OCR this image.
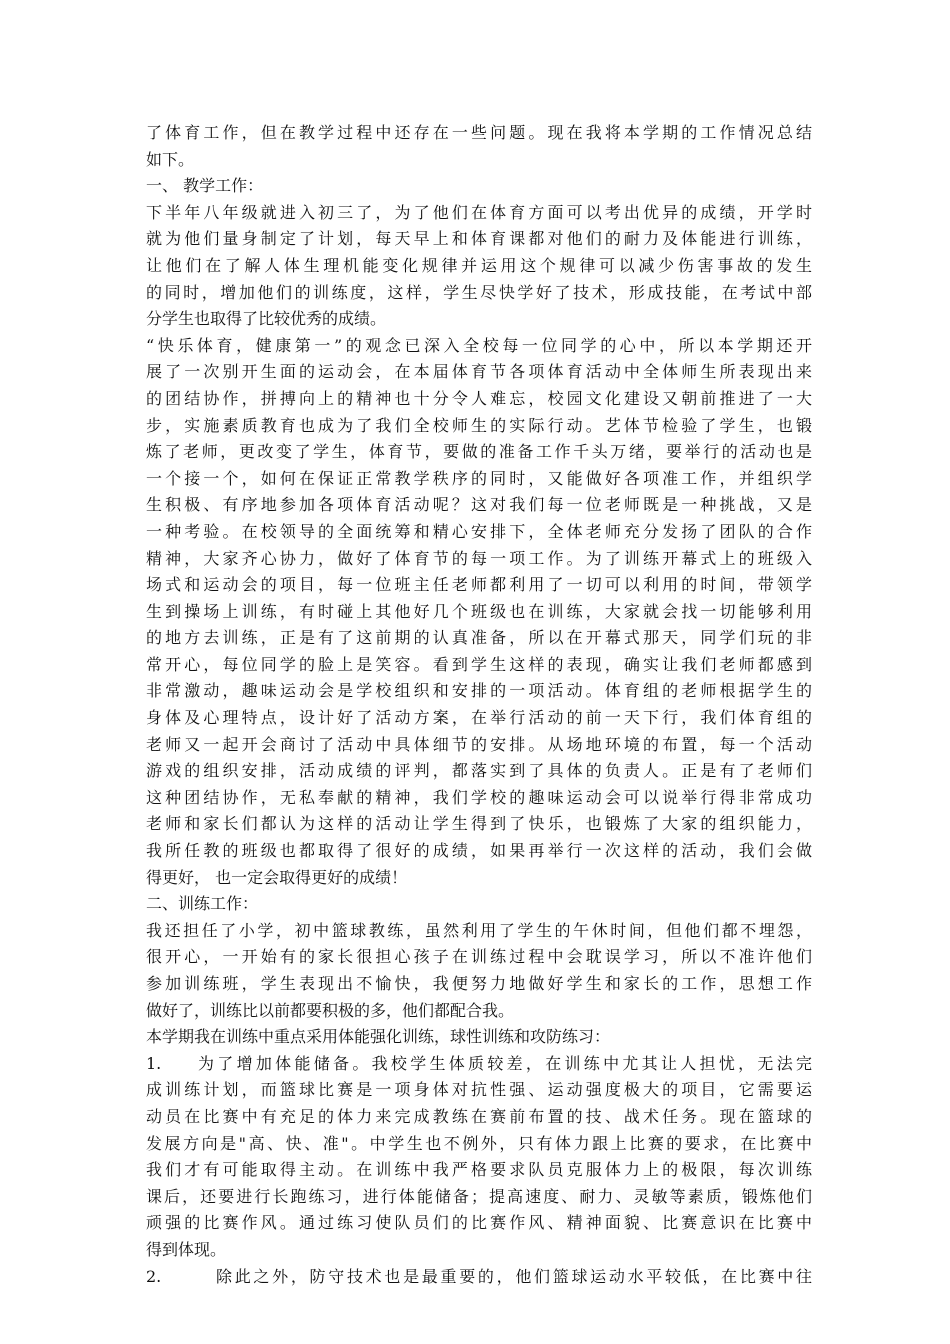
了体育工作，但在教学过程中还存在一些问题。现在我将本学期的工作情况总结
如下。
一、 教学工作：
下半年八年级就进入初三了，为了他们在体育方面可以考出优异的成绩，开学时
就为他们量身制定了计划，每天早上和体育课都对他们的耐力及体能进行训练，
让他们在了解人体生理机能变化规律并运用这个规律可以减少伤害事故的发生
的同时，增加他们的训练度，这样，学生尽快学好了技术，形成技能，在考试中部
分学生也取得了比较优秀的成绩。
“快乐体育，健康第一”的观念已深入全校每一位同学的心中，所以本学期还开
展了一次别开生面的运动会，在本届体育节各项体育活动中全体师生所表现出来
的团结协作，拼搏向上的精神也十分令人难忘，校园文化建设又朝前推进了一大
步，实施素质教育也成为了我们全校师生的实际行动。艺体节检验了学生，也锻
炼了老师，更改变了学生，体育节，要做的准备工作千头万绪，要举行的活动也是
一个接一个，如何在保证正常教学秩序的同时，又能做好各项准工作，并组织学
生积极、有序地参加各项体育活动呢？这对我们每一位老师既是一种挑战，又是
一种考验。在校领导的全面统筹和精心安排下，全体老师充分发扬了团队的合作
精神，大家齐心协力，做好了体育节的每一项工作。为了训练开幕式上的班级入
场式和运动会的项目，每一位班主任老师都利用了一切可以利用的时间，带领学
生到操场上训练，有时碰上其他好几个班级也在训练，大家就会找一切能够利用
的地方去训练，正是有了这前期的认真准备，所以在开幕式那天，同学们玩的非
常开心，每位同学的脸上是笑容。看到学生这样的表现，确实让我们老师都感到
非常激动，趣味运动会是学校组织和安排的一项活动。体育组的老师根据学生的
身体及心理特点，设计好了活动方案，在举行活动的前一天下行，我们体育组的
老师又一起开会商讨了活动中具体细节的安排。从场地环境的布置，每一个活动
游戏的组织安排，活动成绩的评判，都落实到了具体的负责人。正是有了老师们
这种团结协作，无私奉献的精神，我们学校的趣味运动会可以说举行得非常成功
老师和家长们都认为这样的活动让学生得到了快乐，也锻炼了大家的组织能力，
我所任教的班级也都取得了很好的成绩，如果再举行一次这样的活动，我们会做
得更好， 也一定会取得更好的成绩！
二、训练工作：
我还担任了小学，初中篮球教练，虽然利用了学生的午休时间，但他们都不埋怨，
很开心，一开始有的家长很担心孩子在训练过程中会耽误学习，所以不准许他们
参加训练班，学生表现出不愉快，我便努力地做好学生和家长的工作，思想工作
做好了，训练比以前都要积极的多，他们都配合我。
本学期我在训练中重点采用体能强化训练，球性训练和攻防练习：
1.	为了增加体能储备。我校学生体质较差，在训练中尤其让人担忧，无法完
成训练计划，而篮球比赛是一项身体对抗性强、运动强度极大的项目，它需要运
动员在比赛中有充足的体力来完成教练在赛前布置的技、战术任务。现在篮球的
发展方向是"高、快、准"。中学生也不例外，只有体力跟上比赛的要求，在比赛中
我们才有可能取得主动。在训练中我严格要求队员克服体力上的极限，每次训练
课后，还要进行长跑练习，进行体能储备；提高速度、耐力、灵敏等素质，锻炼他们
顽强的比赛作风。通过练习使队员们的比赛作风、精神面貌、比赛意识在比赛中
得到体现。
2.	除此之外，防守技术也是最重要的，他们篮球运动水平较低，在比赛中往
